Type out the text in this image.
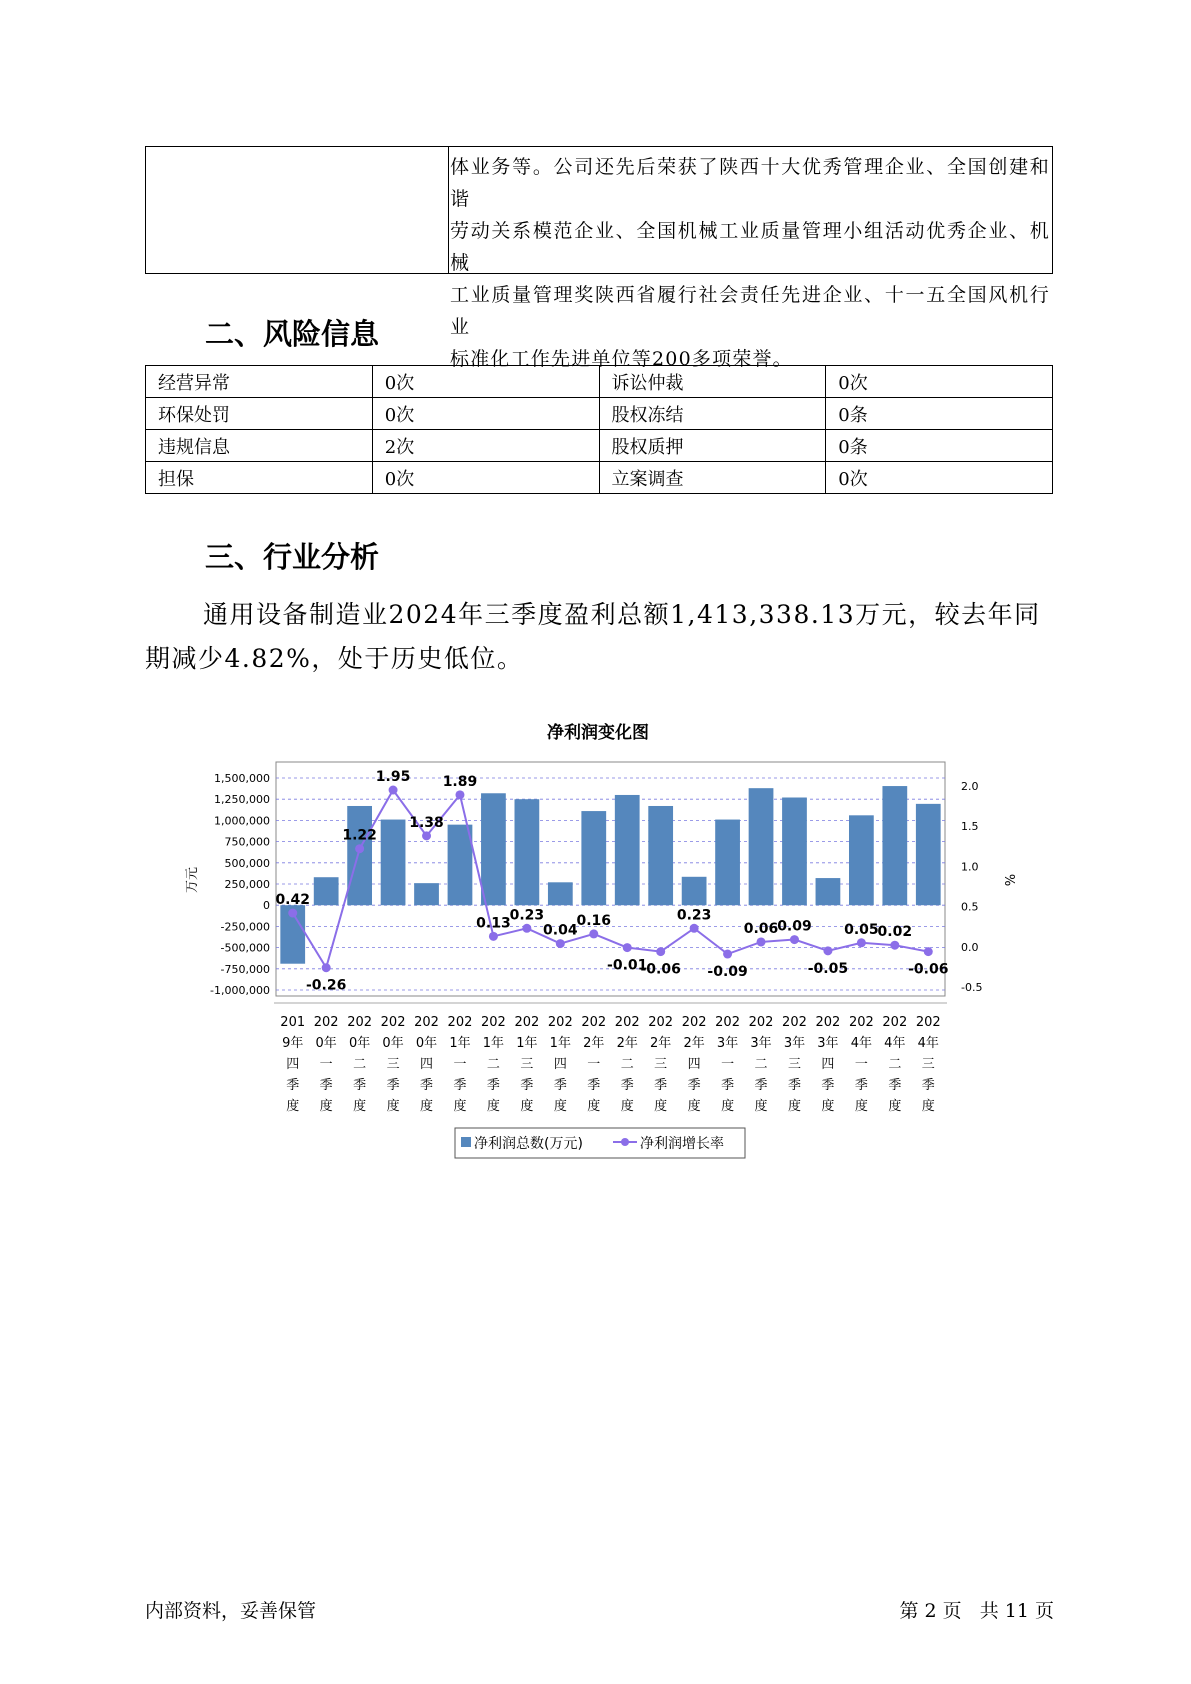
体业务等。公司还先后荣获了陕西十大优秀管理企业、全国创建和谐
劳动关系模范企业、全国机械工业质量管理小组活动优秀企业、机械
工业质量管理奖陕西省履行社会责任先进企业、十一五全国风机行业
标准化工作先进单位等200多项荣誉。
二、风险信息
经营异常	0次	诉讼仲裁	0次
环保处罚	0次	股权冻结	0条
违规信息	2次	股权质押	0条
担保	0次	立案调查	0次
三、行业分析
通用设备制造业2024年三季度盈利总额1,413,338.13万元，较去年同
期减少4.82%，处于历史低位。
净利润变化图
1,500,000
1,250,000
1,000,000
750,000
500,000
250,000
0
-250,000
-500,000
-750,000
-1,000,000
2.0
1.5
1.0
0.5
0.0
-0.5
0.42
-0.26
1.22
1.95
1.38
1.89
0.13
0.23
0.04
0.16
-0.01
-0.06
0.23
-0.09
0.06
0.09
-0.05
0.05
0.02
-0.06
201
9年
四
季
度
202
0年
一
季
度
202
0年
二
季
度
202
0年
三
季
度
202
0年
四
季
度
202
1年
一
季
度
202
1年
二
季
度
202
1年
三
季
度
202
1年
四
季
度
202
2年
一
季
度
202
2年
二
季
度
202
2年
三
季
度
202
2年
四
季
度
202
3年
一
季
度
202
3年
二
季
度
202
3年
三
季
度
202
3年
四
季
度
202
4年
一
季
度
202
4年
二
季
度
202
4年
三
季
度
万元	%
净利润总数(万元)	净利润增长率
内部资料，妥善保管	第 2 页   共 11 页
